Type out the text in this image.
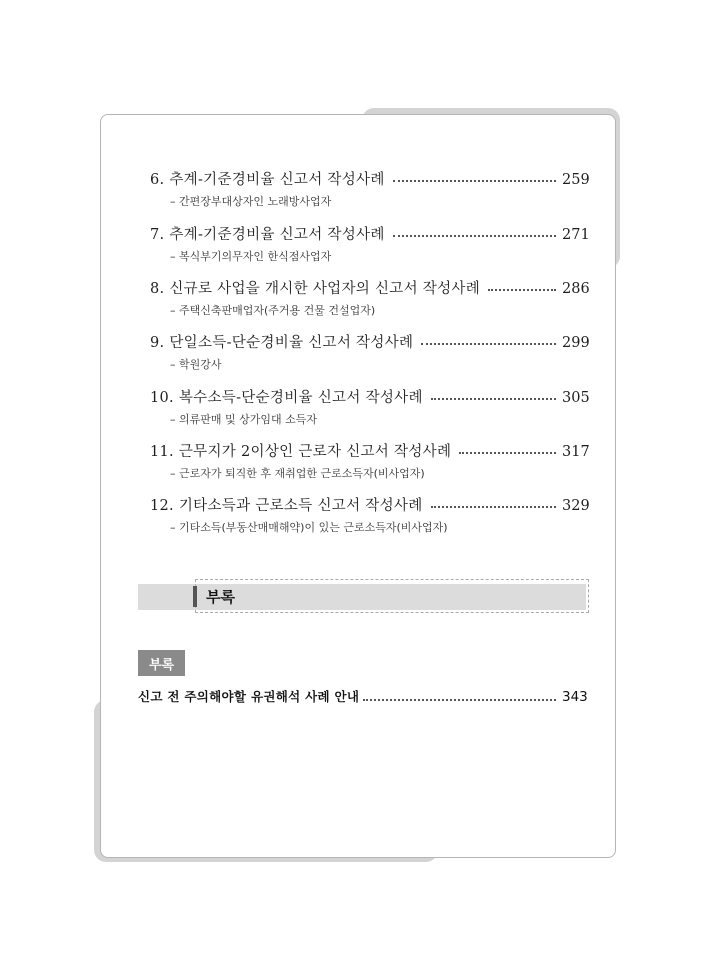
6. 추계-기준경비율 신고서 작성사례	259
– 간편장부대상자인 노래방사업자
7. 추계-기준경비율 신고서 작성사례	271
– 복식부기의무자인 한식점사업자
8. 신규로 사업을 개시한 사업자의 신고서 작성사례	286
– 주택신축판매업자(주거용 건물 건설업자)
9. 단일소득-단순경비율 신고서 작성사례	299
– 학원강사
10. 복수소득-단순경비율 신고서 작성사례	305
– 의류판매 및 상가임대 소득자
11. 근무지가 2이상인 근로자 신고서 작성사례	317
– 근로자가 퇴직한 후 재취업한 근로소득자(비사업자)
12. 기타소득과 근로소득 신고서 작성사례	329
– 기타소득(부동산매매해약)이 있는 근로소득자(비사업자)
부록
부록
신고 전 주의해야할 유권해석 사례 안내	343
